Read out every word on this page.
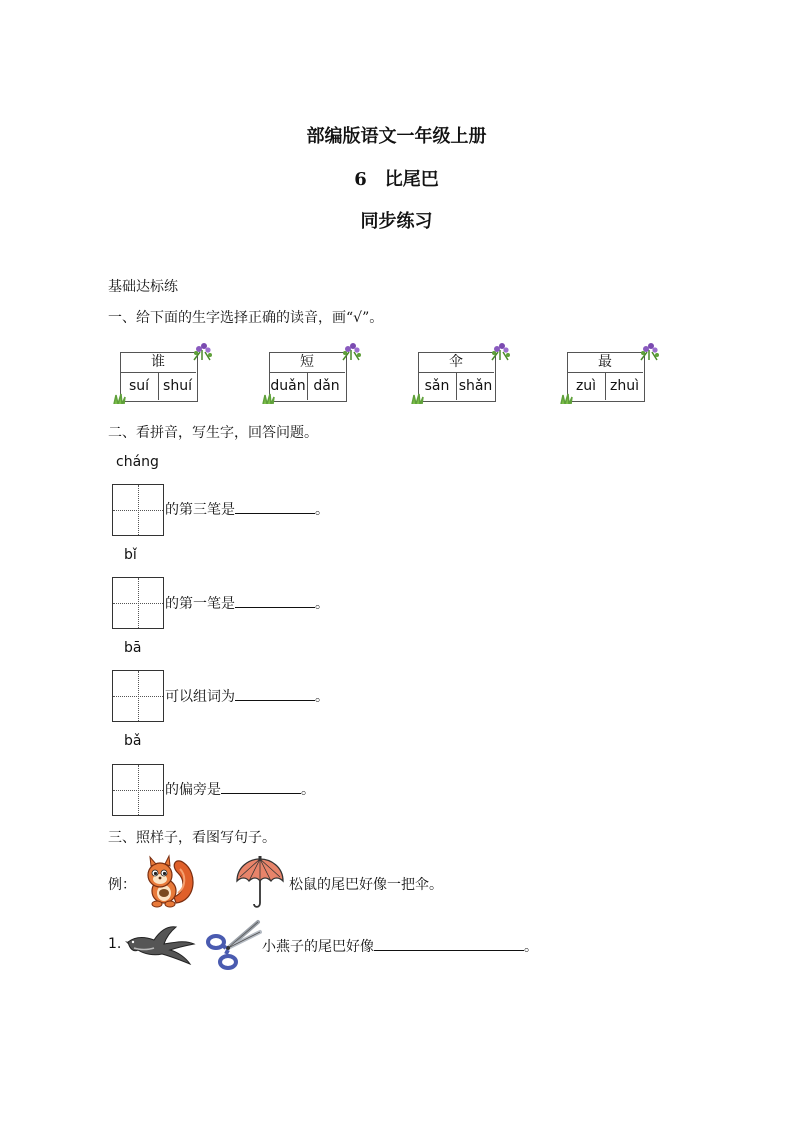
部编版语文一年级上册
6　比尾巴
同步练习
基础达标练
一、给下面的生字选择正确的读音，画“√”。
谁
suí	shuí
短
duǎn dǎn
伞
sǎn shǎn
最
zuì zhuì
二、看拼音，写生字，回答问题。
cháng
的第三笔是	。
bǐ
的第一笔是	。
bā
可以组词为	。
bǎ
的偏旁是	。
三、照样子，看图写句子。
例：	松鼠的尾巴好像一把伞。
1.	小燕子的尾巴好像	。
